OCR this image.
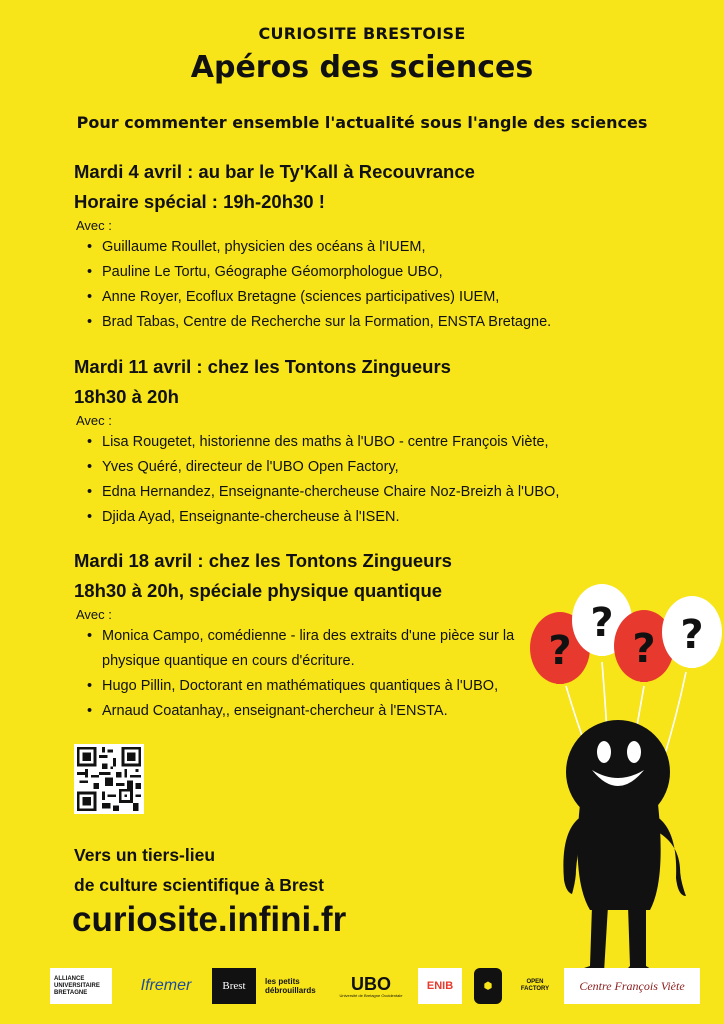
CURIOSITE BRESTOISE
Apéros des sciences
Pour commenter ensemble l'actualité sous l'angle des sciences

Mardi 4 avril : au bar le Ty'Kall à Recouvrance

Horaire spécial : 19h-20h30 !

Avec :
• Guillaume Roullet, physicien des océans à l'IUEM,
• Pauline Le Tortu, Géographe Géomorphologue UBO,
• Anne Royer, Ecoflux Bretagne (sciences participatives) IUEM,
• Brad Tabas, Centre de Recherche sur la Formation, ENSTA Bretagne.

Mardi 11 avril : chez les Tontons Zingueurs

18h30 à 20h

Avec :
• Lisa Rougetet, historienne des maths à l'UBO - centre François Viète,
• Yves Quéré, directeur de l'UBO Open Factory,
• Edna Hernandez, Enseignante-chercheuse Chaire Noz-Breizh à l'UBO,
• Djida Ayad, Enseignante-chercheuse à l'ISEN.

Mardi 18 avril : chez les Tontons Zingueurs

18h30 à 20h, spéciale physique quantique

Avec :
• Monica Campo, comédienne - lira des extraits d'une pièce sur la physique quantique en cours d'écriture.
• Hugo Pillin, Doctorant en mathématiques quantiques à l'UBO,
• Arnaud Coatanhay,, enseignant-chercheur à l'ENSTA.
Vers un tiers-lieu
de culture scientifique à Brest
curiosite.infini.fr
?
?
? ?
ALLIANCE UNIVERSITAIRE BRETAGNE	Ifremer	Brest les petits débrouillards	UBO
Université de Bretagne Occidentale
ENIB	⬢	OPEN FACTORY	Centre François Viète
